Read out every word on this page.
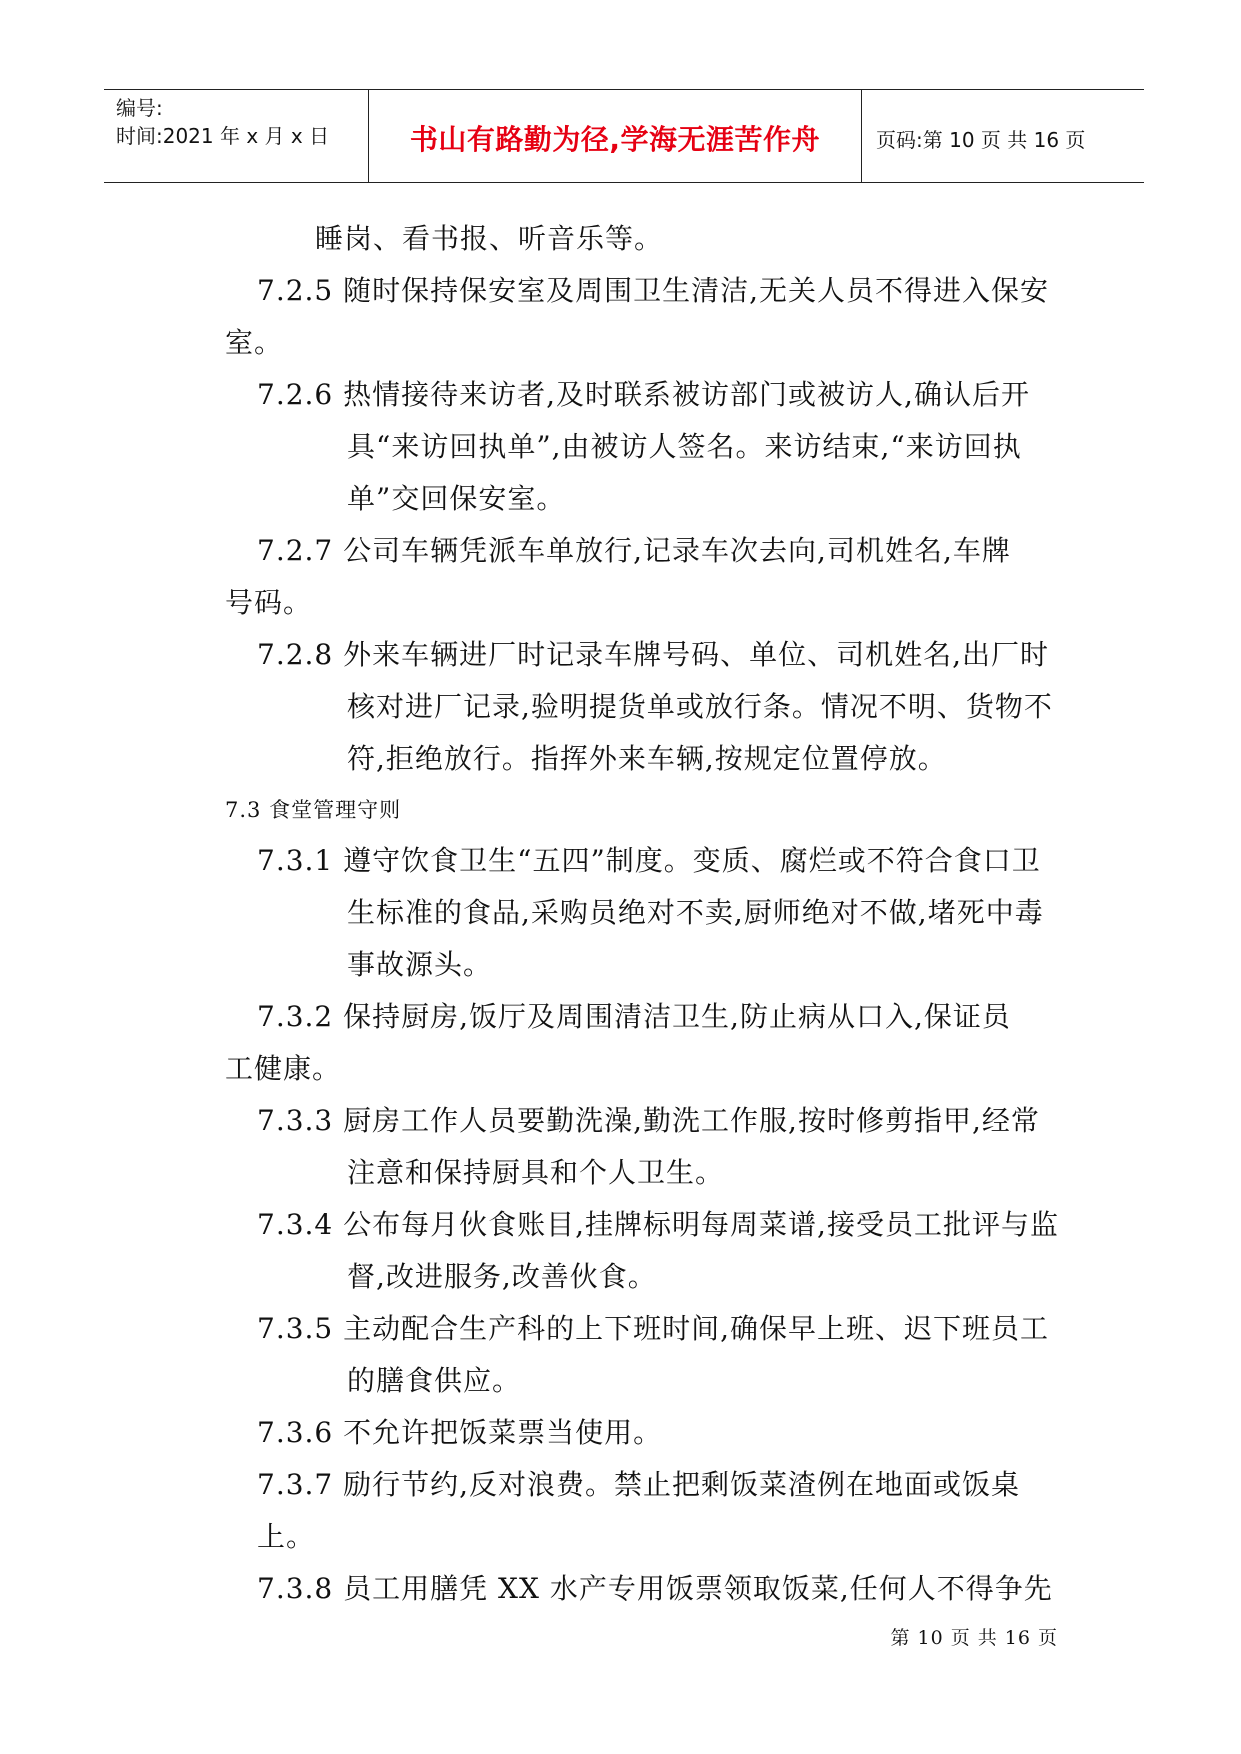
编号:
时间:2021 年 x 月 x 日	书山有路勤为径,学海无涯苦作舟	页码:第 10 页 共 16 页

睡岗、看书报、听音乐等。

7.2.5 随时保持保安室及周围卫生清洁,无关人员不得进入保安

室。

7.2.6 热情接待来访者,及时联系被访部门或被访人,确认后开具“来访回执单”,由被访人签名。来访结束,“来访回执单”交回保安室。

7.2.7 公司车辆凭派车单放行,记录车次去向,司机姓名,车牌

号码。

7.2.8 外来车辆进厂时记录车牌号码、单位、司机姓名,出厂时核对进厂记录,验明提货单或放行条。情况不明、货物不符,拒绝放行。指挥外来车辆,按规定位置停放。

7.3 食堂管理守则

7.3.1 遵守饮食卫生“五四”制度。变质、腐烂或不符合食口卫生标准的食品,采购员绝对不卖,厨师绝对不做,堵死中毒事故源头。

7.3.2 保持厨房,饭厅及周围清洁卫生,防止病从口入,保证员

工健康。

7.3.3 厨房工作人员要勤洗澡,勤洗工作服,按时修剪指甲,经常注意和保持厨具和个人卫生。

7.3.4 公布每月伙食账目,挂牌标明每周菜谱,接受员工批评与监督,改进服务,改善伙食。

7.3.5 主动配合生产科的上下班时间,确保早上班、迟下班员工的膳食供应。

7.3.6 不允许把饭菜票当使用。

7.3.7 励行节约,反对浪费。禁止把剩饭菜渣例在地面或饭桌上。

7.3.8 员工用膳凭 XX 水产专用饭票领取饭菜,任何人不得争先

第 10 页 共 16 页
